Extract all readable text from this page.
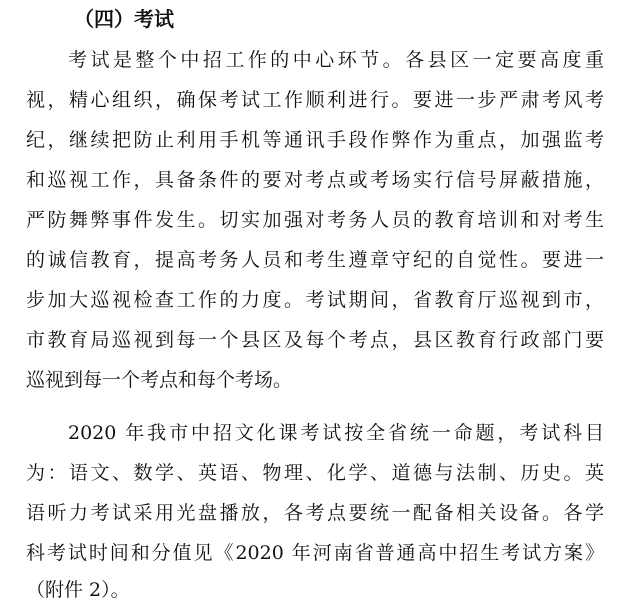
（四）考试
考试是整个中招工作的中心环节。各县区一定要高度重
视，精心组织，确保考试工作顺利进行。要进一步严肃考风考
纪，继续把防止利用手机等通讯手段作弊作为重点，加强监考
和巡视工作，具备条件的要对考点或考场实行信号屏蔽措施，
严防舞弊事件发生。切实加强对考务人员的教育培训和对考生
的诚信教育，提高考务人员和考生遵章守纪的自觉性。要进一
步加大巡视检查工作的力度。考试期间，省教育厅巡视到市，
市教育局巡视到每一个县区及每个考点，县区教育行政部门要
巡视到每一个考点和每个考场。
2020 年我市中招文化课考试按全省统一命题，考试科目
为：语文、数学、英语、物理、化学、道德与法制、历史。英
语听力考试采用光盘播放，各考点要统一配备相关设备。各学
科考试时间和分值见《2020 年河南省普通高中招生考试方案》
（附件 2）。
